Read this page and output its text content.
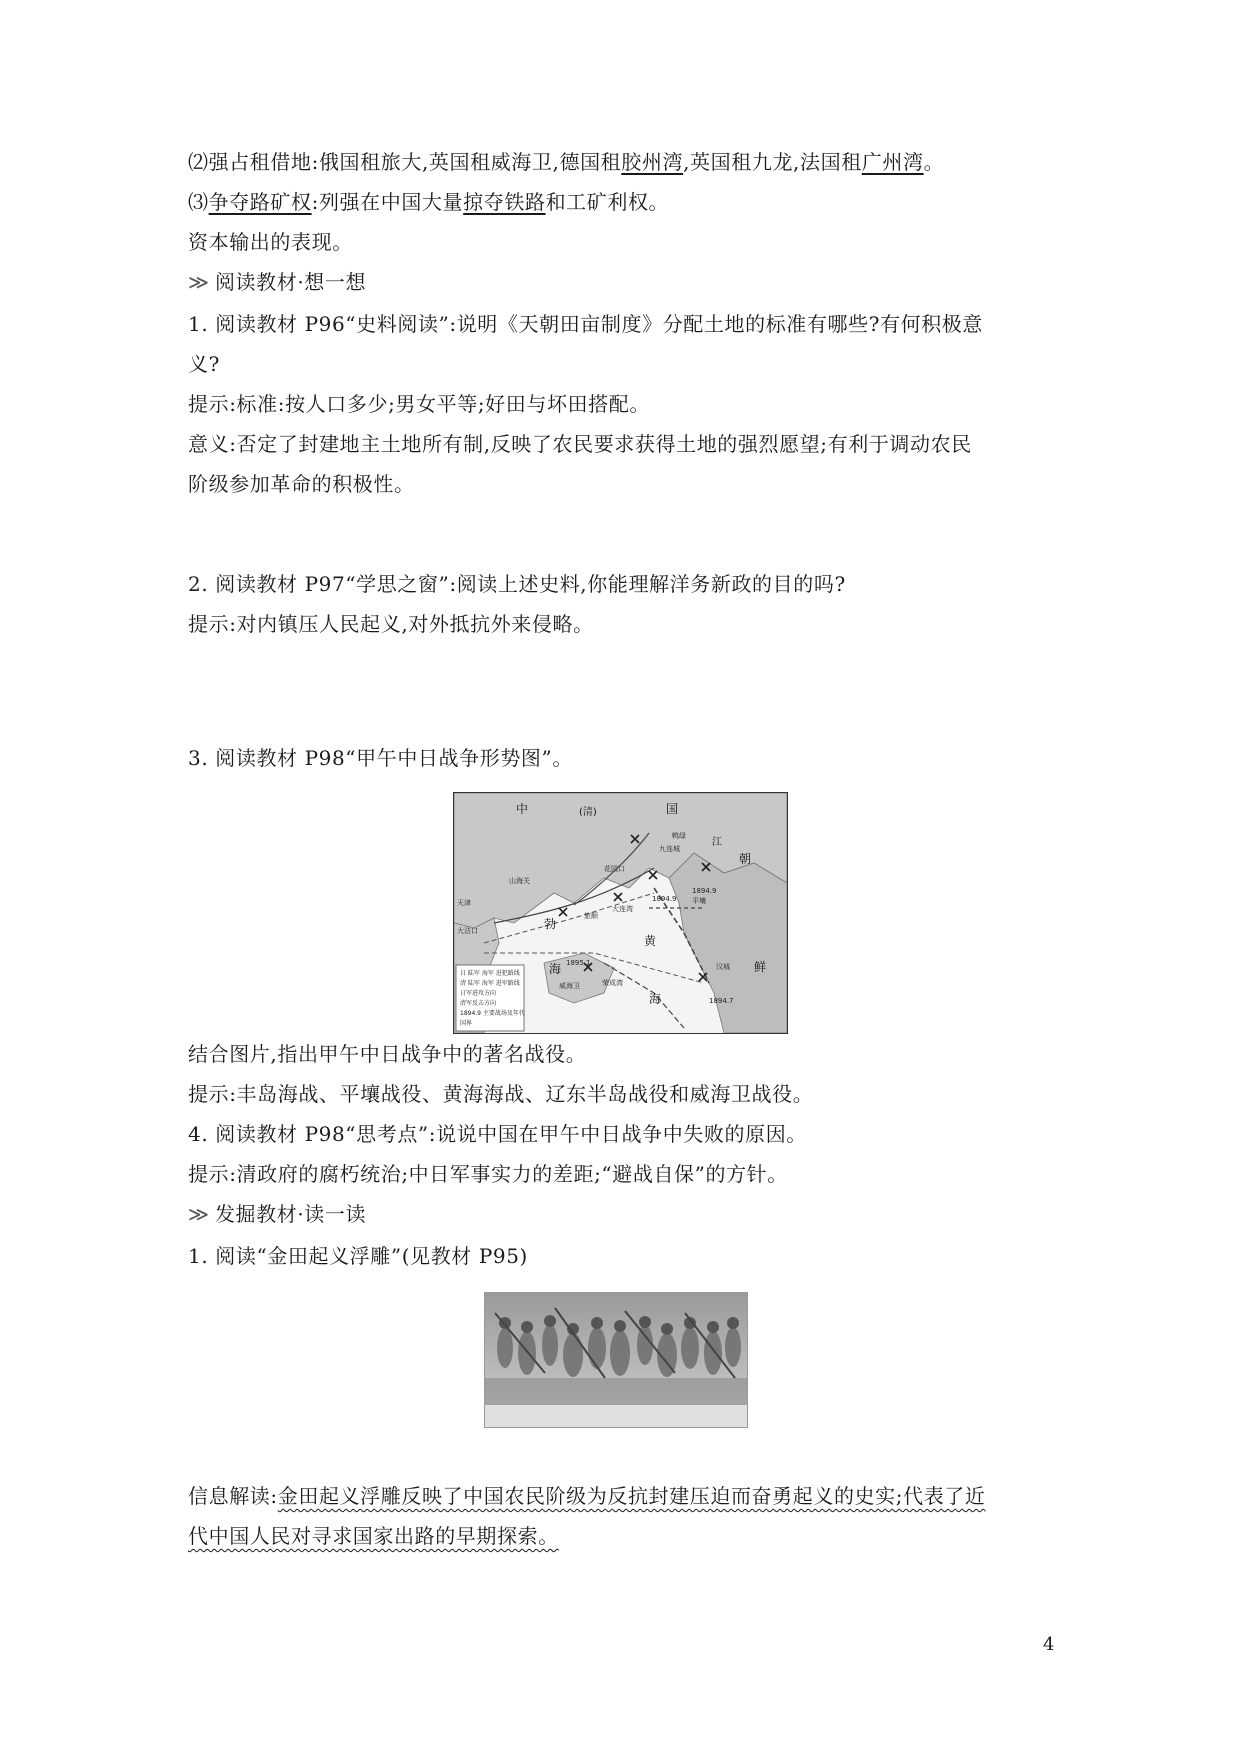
⑵强占租借地:俄国租旅大,英国租威海卫,德国租胶州湾,英国租九龙,法国租广州湾。
⑶争夺路矿权:列强在中国大量掠夺铁路和工矿利权。
资本输出的表现。
≫ 阅读教材·想一想
1. 阅读教材 P96“史料阅读”:说明《天朝田亩制度》分配土地的标准有哪些?有何积极意
义?
提示:标准:按人口多少;男女平等;好田与坏田搭配。
意义:否定了封建地主土地所有制,反映了农民要求获得土地的强烈愿望;有利于调动农民
阶级参加革命的积极性。
2. 阅读教材 P97“学思之窗”:阅读上述史料,你能理解洋务新政的目的吗?
提示:对内镇压人民起义,对外抵抗外来侵略。
3. 阅读教材 P98“甲午中日战争形势图”。
中	(清)	国
朝
鲜
勃
海
黄
海
江
天津
大沽口
山海关
花园口
旅顺
大连湾
威海卫	荣成湾
平壤
汉城
九连城
鸭绿
1894.9
1894.9
1895.1
1894.7
日 陆军 海军 进犯路线
清 陆军 海军 进军路线
日军进攻方向
清军反击方向
1894.9 主要战场及年代
国界
结合图片,指出甲午中日战争中的著名战役。
提示:丰岛海战、平壤战役、黄海海战、辽东半岛战役和威海卫战役。
4. 阅读教材 P98“思考点”:说说中国在甲午中日战争中失败的原因。
提示:清政府的腐朽统治;中日军事实力的差距;“避战自保”的方针。
≫ 发掘教材·读一读
1. 阅读“金田起义浮雕”(见教材 P95)
信息解读:金田起义浮雕反映了中国农民阶级为反抗封建压迫而奋勇起义的史实;代表了近
代中国人民对寻求国家出路的早期探索。
4
